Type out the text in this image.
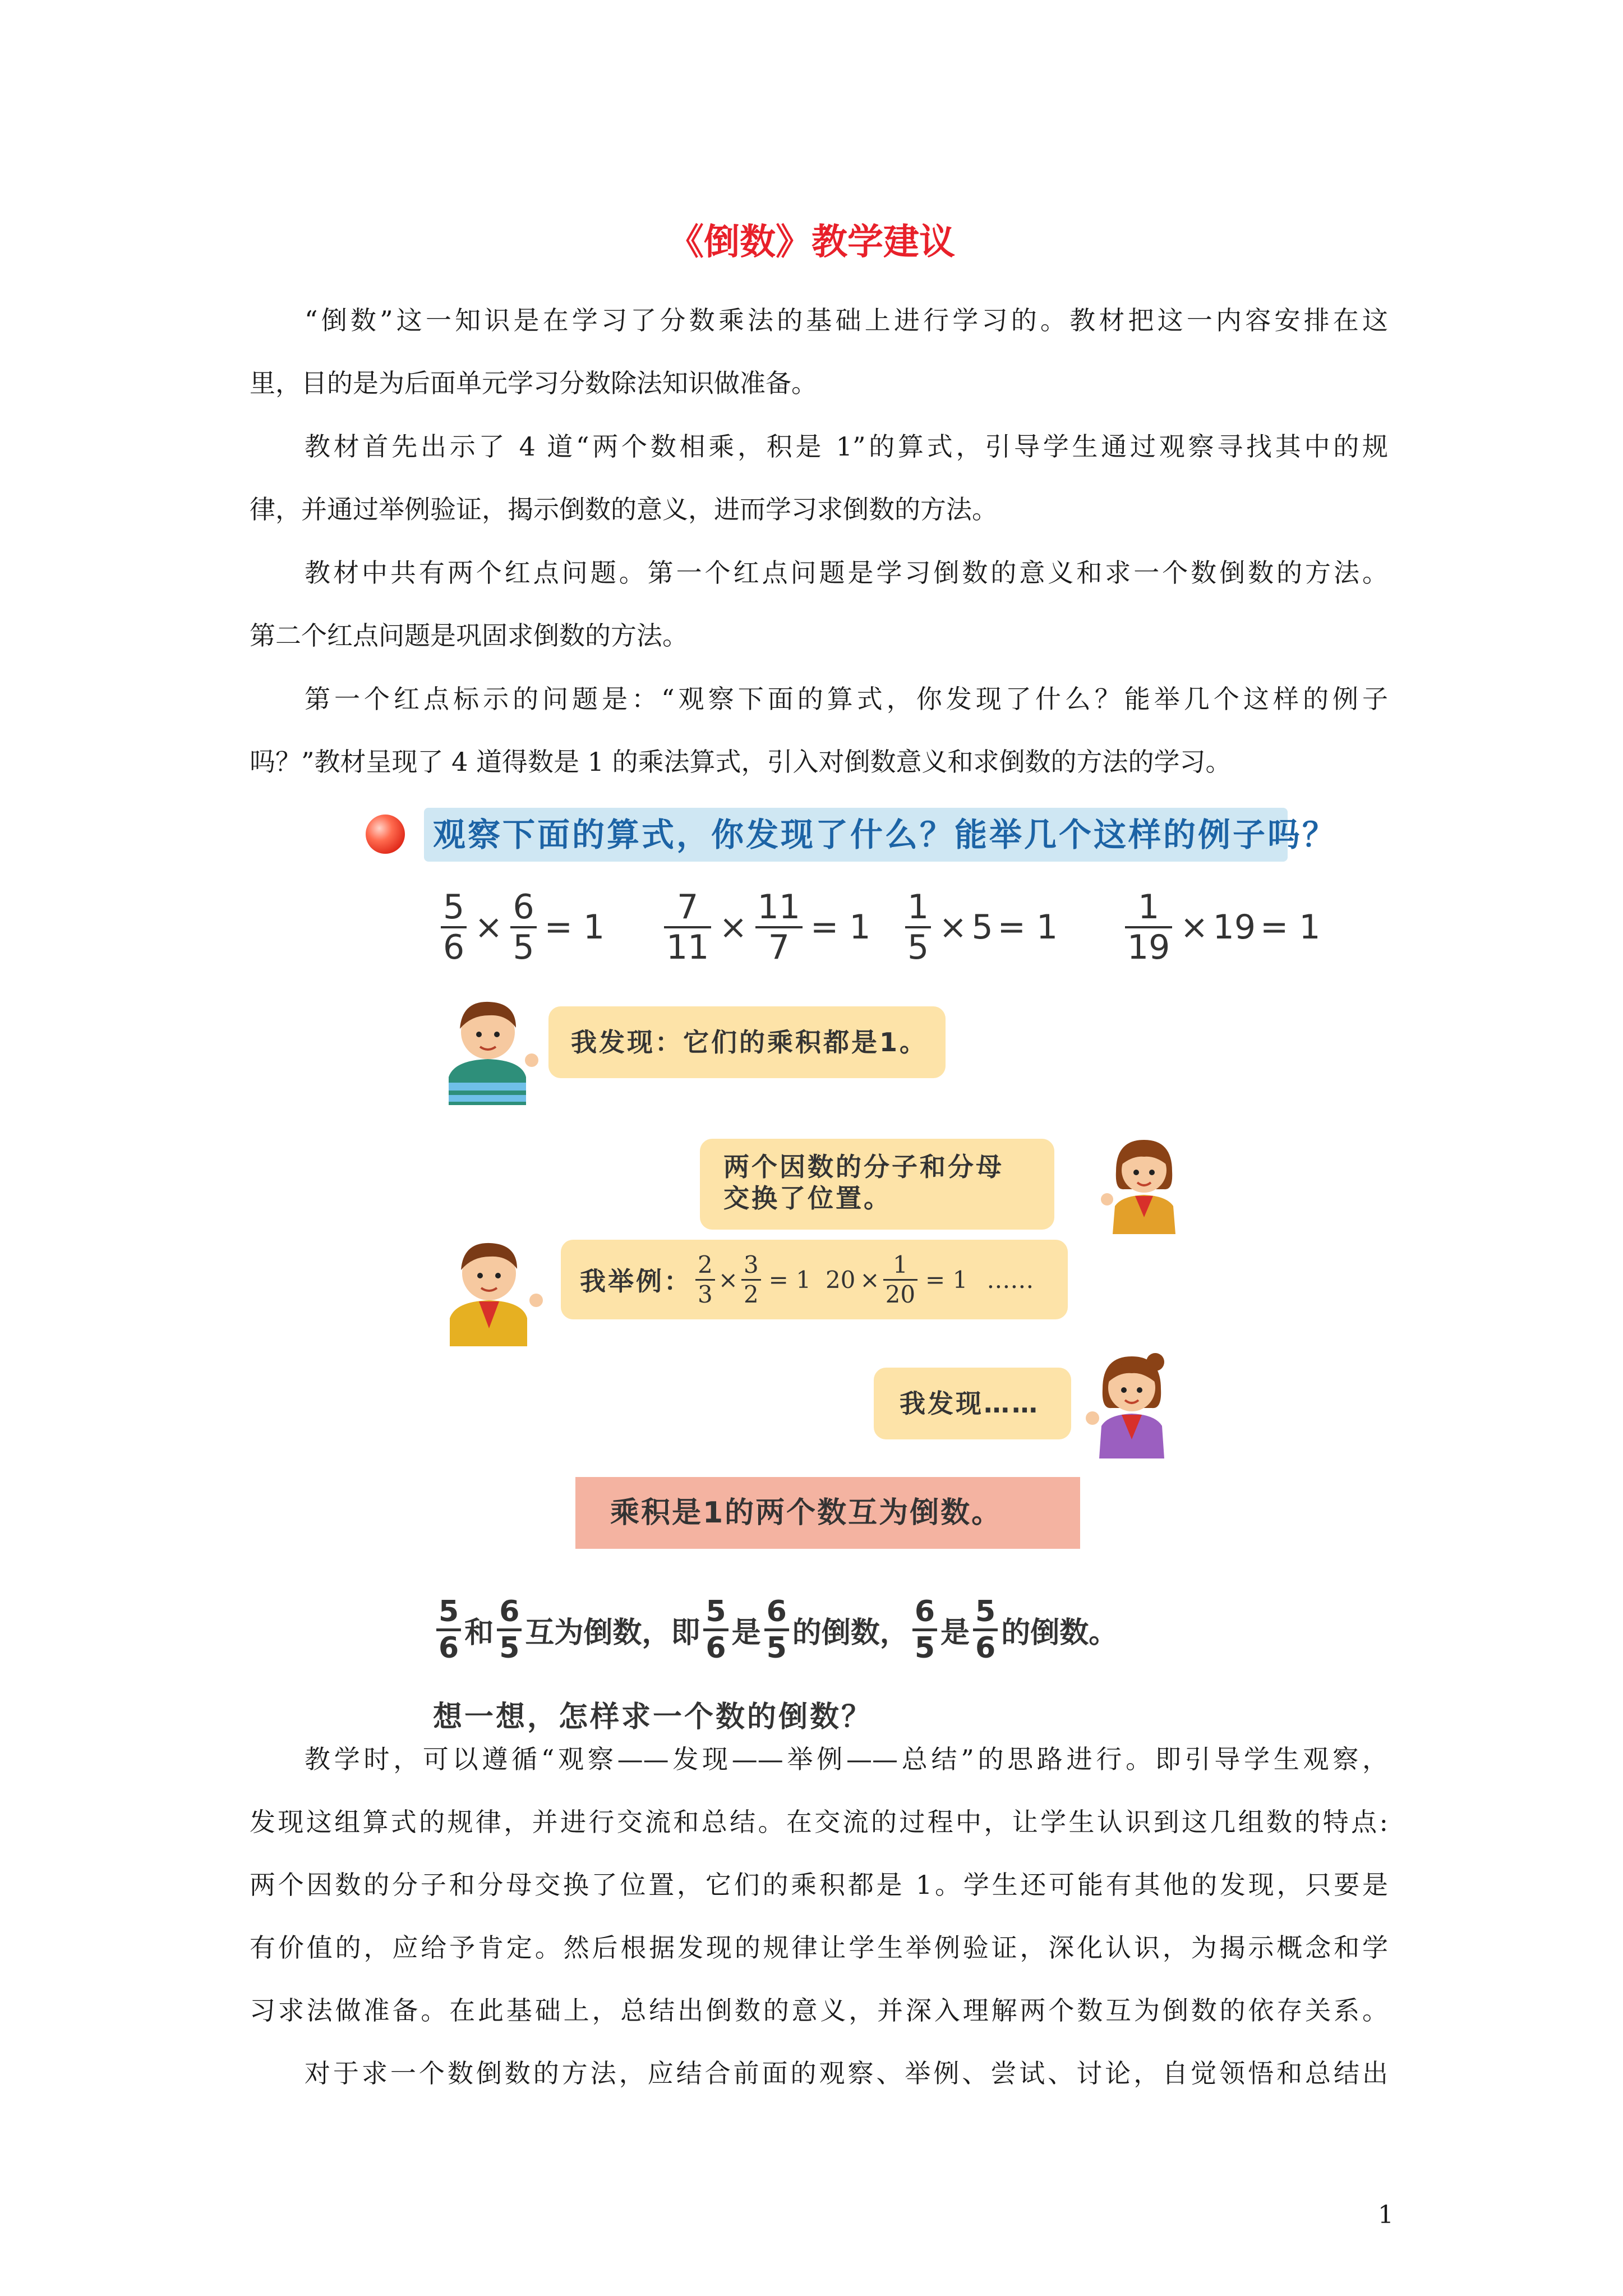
《倒数》教学建议
“倒数”这一知识是在学习了分数乘法的基础上进行学习的。教材把这一内容安排在这
里，目的是为后面单元学习分数除法知识做准备。
教材首先出示了 4 道“两个数相乘，积是 1”的算式，引导学生通过观察寻找其中的规
律，并通过举例验证，揭示倒数的意义，进而学习求倒数的方法。
教材中共有两个红点问题。第一个红点问题是学习倒数的意义和求一个数倒数的方法。
第二个红点问题是巩固求倒数的方法。
第一个红点标示的问题是：“观察下面的算式，你发现了什么？能举几个这样的例子
吗？”教材呈现了 4 道得数是 1 的乘法算式，引入对倒数意义和求倒数的方法的学习。
观察下面的算式，你发现了什么？能举几个这样的例子吗？
$\frac{5}{6} \times \frac{6}{5} = 1 \frac{7}{11} \times \frac{11}{7} = 1 \frac{1}{5} \times 5 = 1 \frac{1}{19} \times 19 = 1$
我发现：它们的乘积都是1。
两个因数的分子和分母
交换了位置。
我举例： $\frac{2}{3} \times \frac{3}{2} = 1$ $20 \times \frac{1}{20} = 1$ ……
我发现……
乘积是1的两个数互为倒数。
5
6 和
6
5 互为倒数，即
5
6 是
6
5 的倒数，
6
5 是
5
6 的倒数。
想一想，怎样求一个数的倒数？
教学时，可以遵循“观察——发现——举例——总结”的思路进行。即引导学生观察，
发现这组算式的规律，并进行交流和总结。在交流的过程中，让学生认识到这几组数的特点:
两个因数的分子和分母交换了位置，它们的乘积都是 1。学生还可能有其他的发现，只要是
有价值的，应给予肯定。然后根据发现的规律让学生举例验证，深化认识，为揭示概念和学
习求法做准备。在此基础上，总结出倒数的意义，并深入理解两个数互为倒数的依存关系。
对于求一个数倒数的方法，应结合前面的观察、举例、尝试、讨论，自觉领悟和总结出
1
